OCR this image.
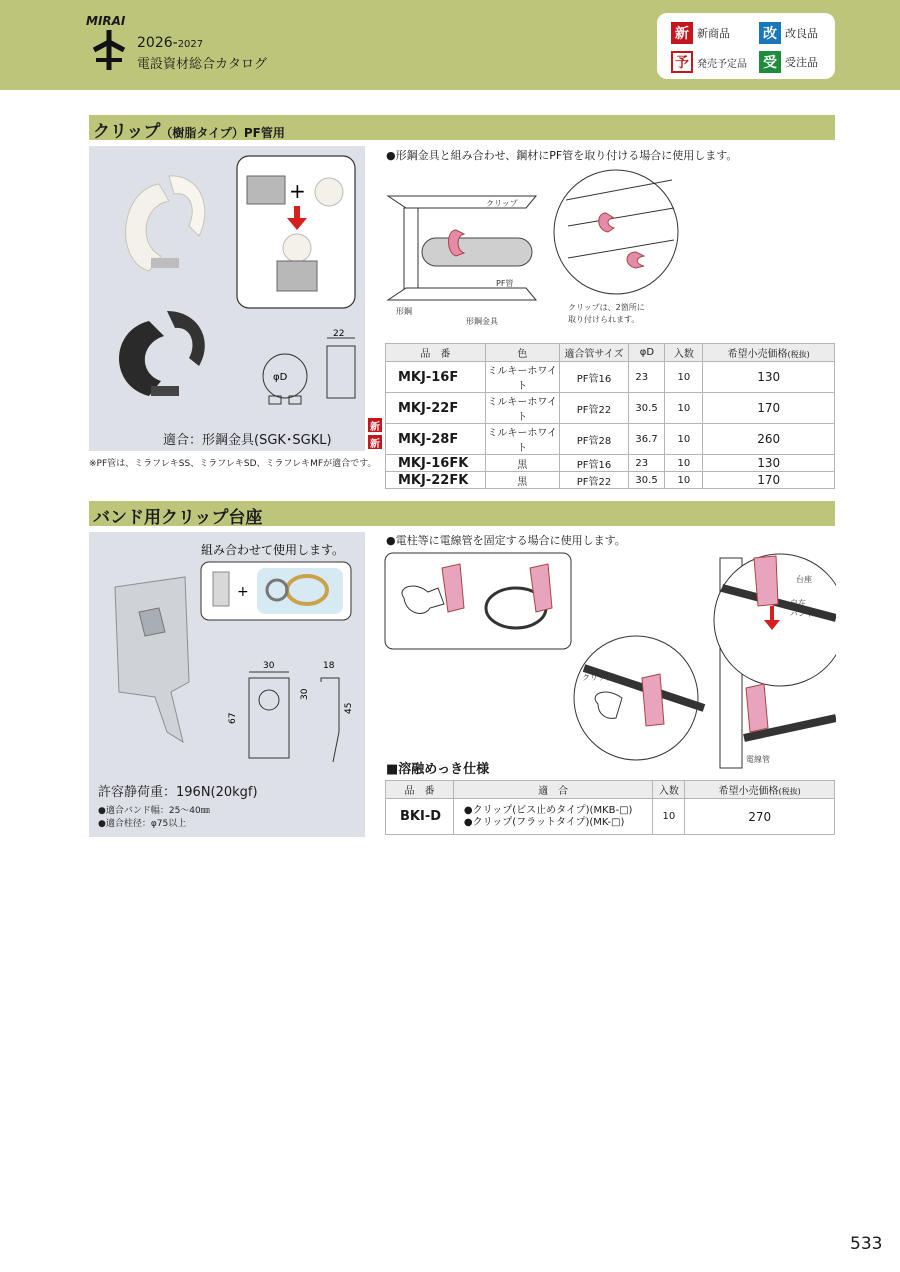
MIRAI
2026-2027
電設資材総合カタログ
新 新商品 改 改良品
予 発売予定品 受 受注品
クリップ（樹脂タイプ）PF管用
+
φD
22
適合：形鋼金具(SGK･SGKL)
●形鋼金具と組み合わせ、鋼材にPF管を取り付ける場合に使用します。
クリップ
PF管
形鋼
形鋼金具
クリップは、2箇所に
取り付けられます。
品　番	色	適合管サイズ	φD	入数	希望小売価格(税抜)
MKJ-16F	ミルキーホワイト	PF管16	23	10	130
MKJ-22F	ミルキーホワイト	PF管22	30.5	10	170
MKJ-28F	ミルキーホワイト	PF管28	36.7	10	260
MKJ-16FK	黒	PF管16	23	10	130
MKJ-22FK	黒	PF管22	30.5	10	170
新
新
※PF管は、ミラフレキSS、ミラフレキSD、ミラフレキMFが適合です。
バンド用クリップ台座
組み合わせて使用します。
+
30
67
18
30
45
許容静荷重：196N(20kgf)
●適合バンド幅：25～40㎜
●適合柱径：φ75以上
●電柱等に電線管を固定する場合に使用します。
台座
自在
バンド
クリップ
電線管
■溶融めっき仕様
品　番	適　合	入数	希望小売価格(税抜)
BKI-D	●クリップ(ビス止めタイプ)(MKB-□)
●クリップ(フラットタイプ)(MK-□)	10	270
533
